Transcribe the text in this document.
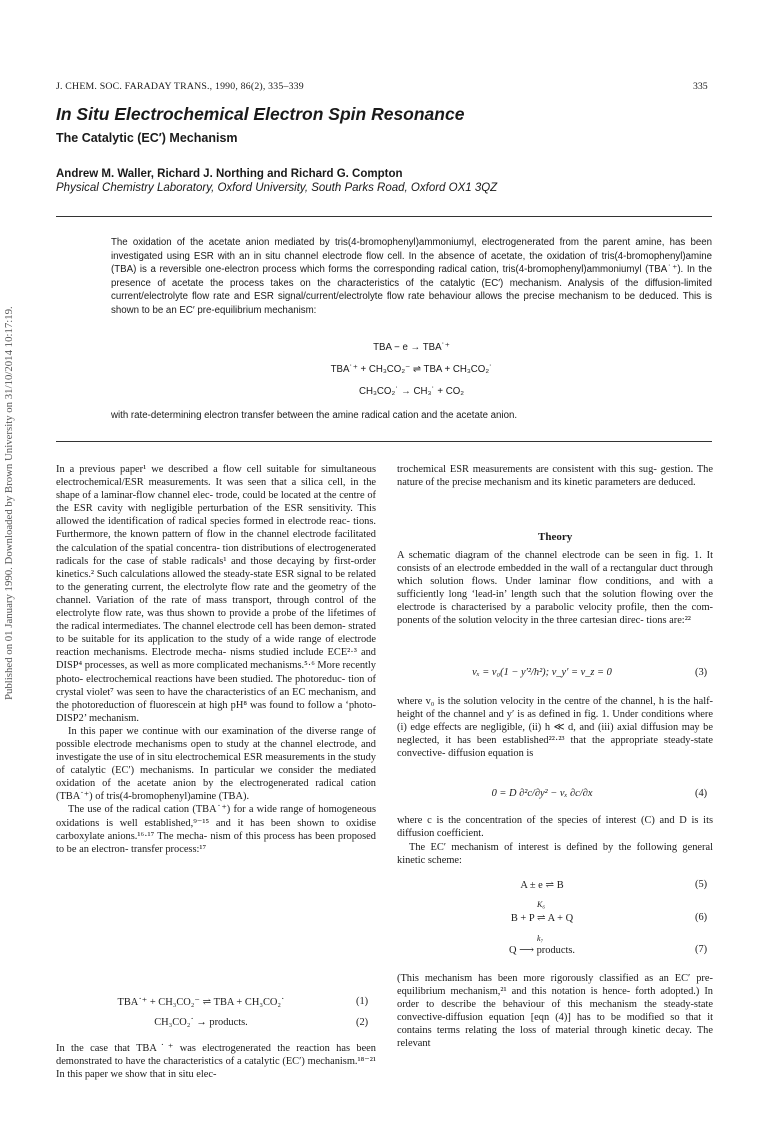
Published on 01 January 1990. Downloaded by Brown University on 31/10/2014 10:17:19.
J. CHEM. SOC. FARADAY TRANS., 1990, 86(2), 335–339	335
In Situ Electrochemical Electron Spin Resonance
The Catalytic (EC′) Mechanism
Andrew M. Waller, Richard J. Northing and Richard G. Compton
Physical Chemistry Laboratory, Oxford University, South Parks Road, Oxford OX1 3QZ
The oxidation of the acetate anion mediated by tris(4-bromophenyl)ammoniumyl, electrogenerated from the parent amine, has been investigated using ESR with an in situ channel electrode flow cell. In the absence of acetate, the oxidation of tris(4-bromophenyl)amine (TBA) is a reversible one-electron process which forms the corresponding radical cation, tris(4-bromophenyl)ammoniumyl (TBA˙⁺). In the presence of acetate the process takes on the characteristics of the catalytic (EC′) mechanism. Analysis of the diffusion-limited current/electrolyte flow rate and ESR signal/current/electrolyte flow rate behaviour allows the precise mechanism to be deduced. This is shown to be an EC′ pre-equilibrium mechanism:
TBA − e → TBA˙⁺
TBA˙⁺ + CH₃CO₂⁻ ⇌ TBA + CH₃CO₂˙
CH₃CO₂˙ → CH₃˙ + CO₂
with rate-determining electron transfer between the amine radical cation and the acetate anion.

In a previous paper¹ we described a flow cell suitable for simultaneous electrochemical/ESR measurements. It was seen that a silica cell, in the shape of a laminar-flow channel elec- trode, could be located at the centre of the ESR cavity with negligible perturbation of the ESR sensitivity. This allowed the identification of radical species formed in electrode reac- tions. Furthermore, the known pattern of flow in the channel electrode facilitated the calculation of the spatial concentra- tion distributions of electrogenerated radicals for the case of stable radicals¹ and those decaying by first-order kinetics.² Such calculations allowed the steady-state ESR signal to be related to the generating current, the electrolyte flow rate and the geometry of the channel. Variation of the rate of mass transport, through control of the electrolyte flow rate, was thus shown to provide a probe of the lifetimes of the radical intermediates. The channel electrode cell has been demon- strated to be suitable for its application to the study of a wide range of electrode reaction mechanisms. Electrode mecha- nisms studied include ECE²·³ and DISP⁴ processes, as well as more complicated mechanisms.⁵·⁶ More recently photo- electrochemical reactions have been studied. The photoreduc- tion of crystal violet⁷ was seen to have the characteristics of an EC mechanism, and the photoreduction of fluorescein at high pH⁸ was found to follow a ‘photo-DISP2’ mechanism.

In this paper we continue with our examination of the diverse range of possible electrode mechanisms open to study at the channel electrode, and investigate the use of in situ electrochemical ESR measurements in the study of catalytic (EC′) mechanisms. In particular we consider the mediated oxidation of the acetate anion by the electrogenerated radical cation (TBA˙⁺) of tris(4-bromophenyl)amine (TBA).

The use of the radical cation (TBA˙⁺) for a wide range of homogeneous oxidations is well established,⁹⁻¹⁵ and it has been shown to oxidise carboxylate anions.¹⁶·¹⁷ The mecha- nism of this process has been proposed to be an electron- transfer process:¹⁷

TBA˙⁺ + CH₃CO₂⁻ ⇌ TBA + CH₃CO₂˙	(1)
CH₃CO₂˙ → products.	(2)
In the case that TBA˙⁺ was electrogenerated the reaction has been demonstrated to have the characteristics of a catalytic (EC′) mechanism.¹⁸⁻²¹ In this paper we show that in situ elec-
trochemical ESR measurements are consistent with this sug- gestion. The nature of the precise mechanism and its kinetic parameters are deduced.
Theory
A schematic diagram of the channel electrode can be seen in fig. 1. It consists of an electrode embedded in the wall of a rectangular duct through which solution flows. Under laminar flow conditions, and with a sufficiently long ‘lead-in’ length such that the solution flowing over the electrode is characterised by a parabolic velocity profile, then the com- ponents of the solution velocity in the three cartesian direc- tions are:²²
vₓ = v₀(1 − y′²/h²); v_y′ = v_z = 0	(3)
where v₀ is the solution velocity in the centre of the channel, h is the half-height of the channel and y′ is as defined in fig. 1. Under conditions where (i) edge effects are negligible, (ii) h ≪ d, and (iii) axial diffusion may be neglected, it has been established²²·²³ that the appropriate steady-state convective- diffusion equation is
0 = D ∂²c/∂y² − vₓ ∂c/∂x	(4)
where c is the concentration of the species of interest (C) and D is its diffusion coefficient.
The EC′ mechanism of interest is defined by the following general kinetic scheme:
A ± e ⇌ B	(5)
K₆
B + P ⇌ A + Q	(6)
k₇
Q ⟶ products.	(7)
(This mechanism has been more rigorously classified as an EC′ pre-equilibrium mechanism,²¹ and this notation is hence- forth adopted.) In order to describe the behaviour of this mechanism the steady-state convective-diffusion equation [eqn (4)] has to be modified so that it contains terms relating the loss of material through kinetic decay. The relevant
